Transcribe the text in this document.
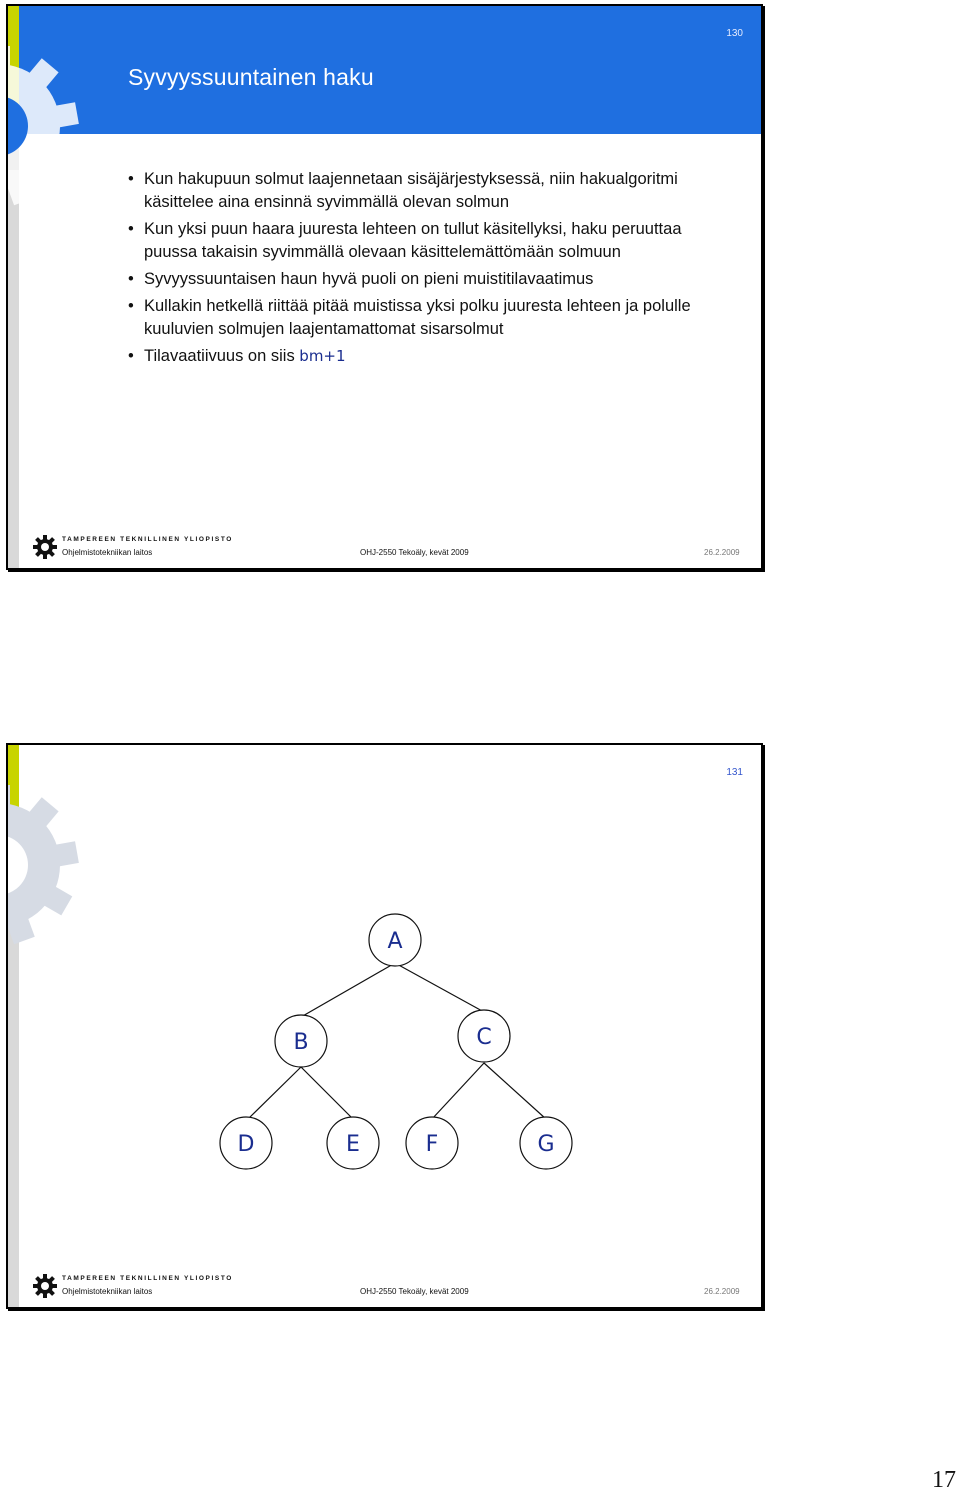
130
Syvyyssuuntainen haku
• Kun hakupuun solmut laajennetaan sisäjärjestyksessä, niin hakualgoritmi käsittelee aina ensinnä syvimmällä olevan solmun
• Kun yksi puun haara juuresta lehteen on tullut käsitellyksi, haku peruuttaa puussa takaisin syvimmällä olevaan käsittelemättömään solmuun
• Syvyyssuuntaisen haun hyvä puoli on pieni muistitilavaatimus
• Kullakin hetkellä riittää pitää muistissa yksi polku juuresta lehteen ja polulle kuuluvien solmujen laajentamattomat sisarsolmut
• Tilavaatiivuus on siis bm+1
TAMPEREEN TEKNILLINEN YLIOPISTO
Ohjelmistotekniikan laitos	OHJ-2550 Tekoäly, kevät 2009	26.2.2009
131
A
B	C
D	E	F	G
TAMPEREEN TEKNILLINEN YLIOPISTO
Ohjelmistotekniikan laitos	OHJ-2550 Tekoäly, kevät 2009	26.2.2009
17
